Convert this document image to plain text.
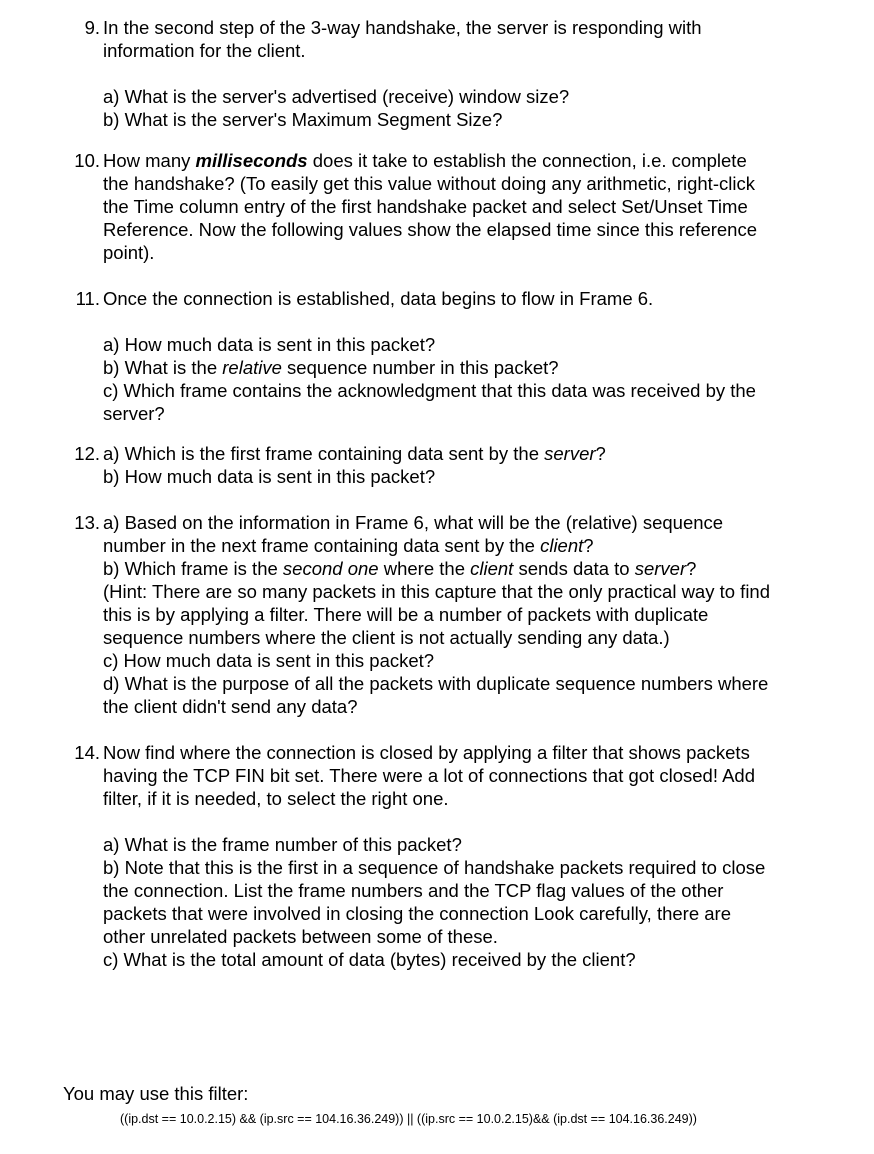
9. In the second step of the 3-way handshake, the server is responding with
information for the client.
a) What is the server's advertised (receive) window size?
b) What is the server's Maximum Segment Size?
10. How many milliseconds does it take to establish the connection, i.e. complete
the handshake? (To easily get this value without doing any arithmetic, right-click
the Time column entry of the first handshake packet and select Set/Unset Time
Reference. Now the following values show the elapsed time since this reference
point).
11. Once the connection is established, data begins to flow in Frame 6.
a) How much data is sent in this packet?
b) What is the relative sequence number in this packet?
c) Which frame contains the acknowledgment that this data was received by the
server?
12. a) Which is the first frame containing data sent by the server?
b) How much data is sent in this packet?
13. a) Based on the information in Frame 6, what will be the (relative) sequence
number in the next frame containing data sent by the client?
b) Which frame is the second one where the client sends data to server?
(Hint: There are so many packets in this capture that the only practical way to find
this is by applying a filter. There will be a number of packets with duplicate
sequence numbers where the client is not actually sending any data.)
c) How much data is sent in this packet?
d) What is the purpose of all the packets with duplicate sequence numbers where
the client didn't send any data?
14. Now find where the connection is closed by applying a filter that shows packets
having the TCP FIN bit set. There were a lot of connections that got closed! Add
filter, if it is needed, to select the right one.
a) What is the frame number of this packet?
b) Note that this is the first in a sequence of handshake packets required to close
the connection. List the frame numbers and the TCP flag values of the other
packets that were involved in closing the connection Look carefully, there are
other unrelated packets between some of these.
c) What is the total amount of data (bytes) received by the client?
You may use this filter:
((ip.dst == 10.0.2.15) && (ip.src == 104.16.36.249)) || ((ip.src == 10.0.2.15)&& (ip.dst == 104.16.36.249))
